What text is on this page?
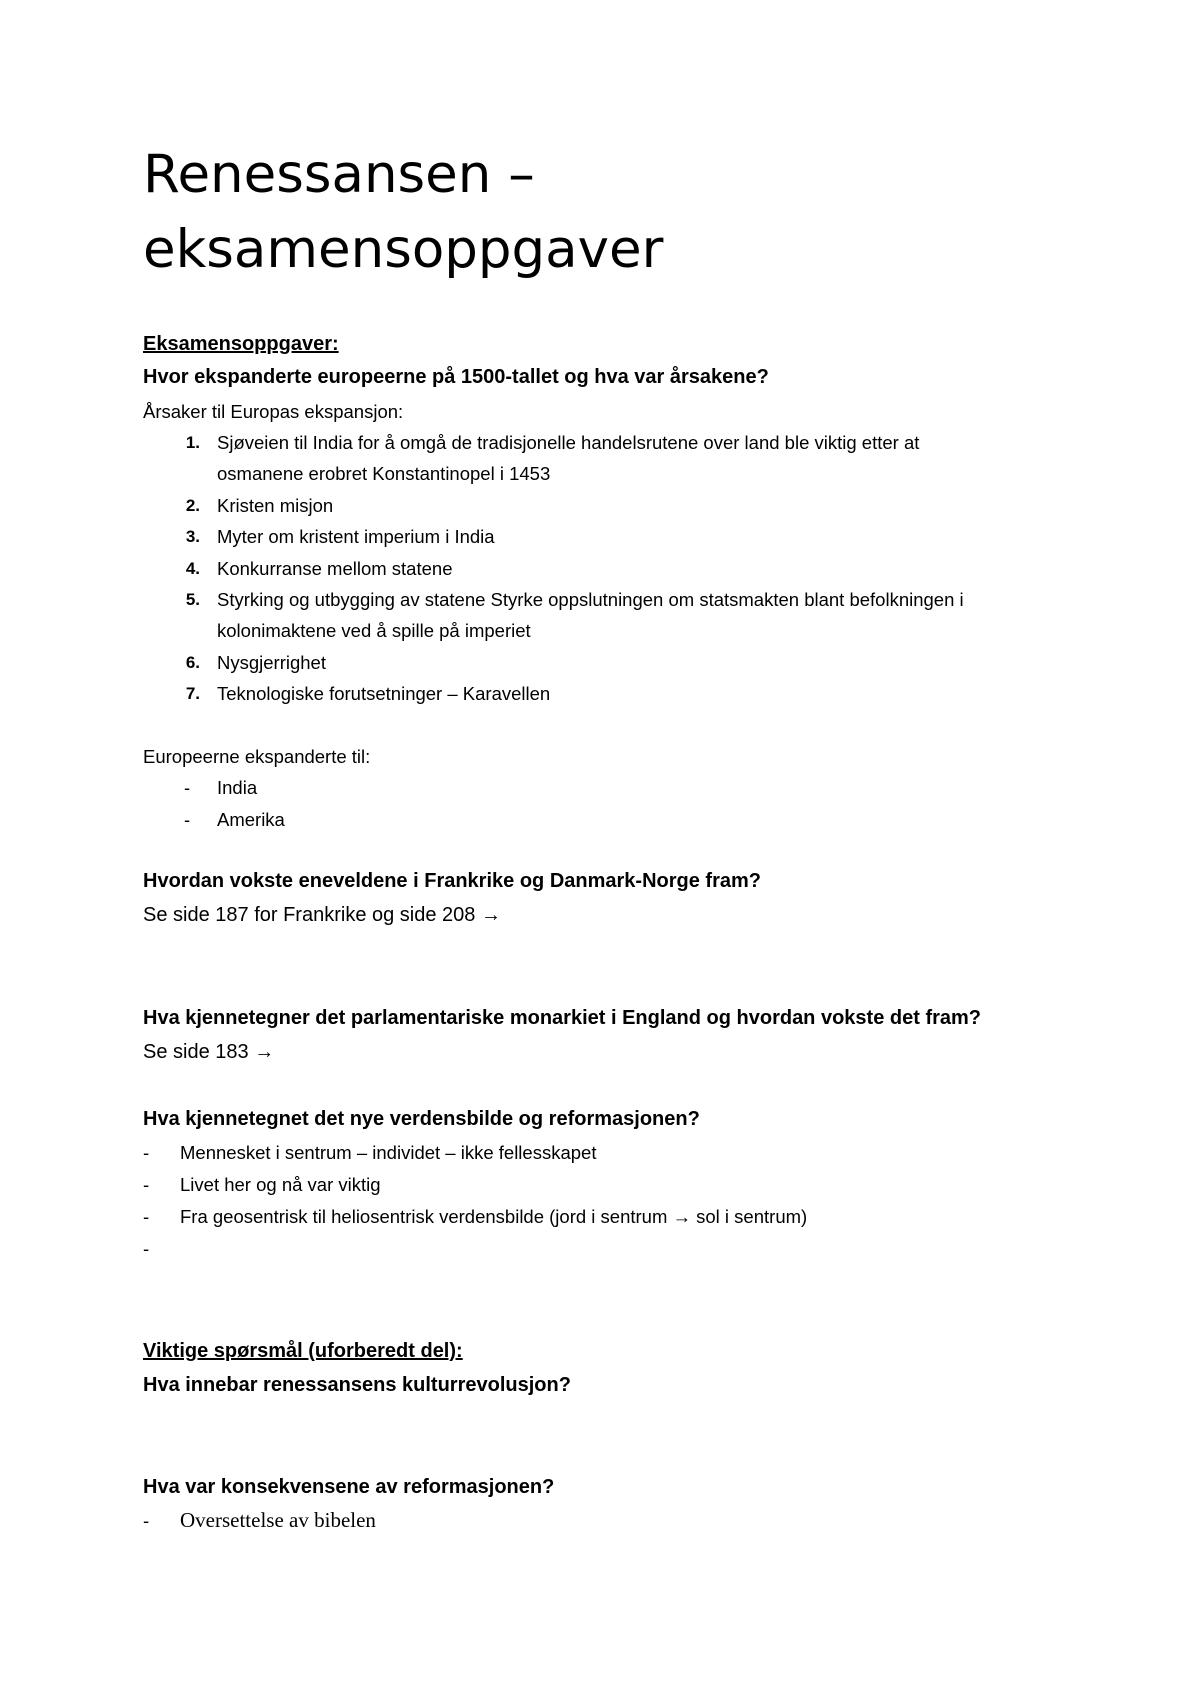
Renessansen –
eksamensoppgaver
Eksamensoppgaver:
Hvor ekspanderte europeerne på 1500-tallet og hva var årsakene?
Årsaker til Europas ekspansjon:
1. Sjøveien til India for å omgå de tradisjonelle handelsrutene over land ble viktig etter at
osmanene erobret Konstantinopel i 1453
2. Kristen misjon
3. Myter om kristent imperium i India
4. Konkurranse mellom statene
5. Styrking og utbygging av statene Styrke oppslutningen om statsmakten blant befolkningen i
kolonimaktene ved å spille på imperiet
6. Nysgjerrighet
7. Teknologiske forutsetninger – Karavellen
Europeerne ekspanderte til:
- India
- Amerika
Hvordan vokste eneveldene i Frankrike og Danmark-Norge fram?
Se side 187 for Frankrike og side 208 →
Hva kjennetegner det parlamentariske monarkiet i England og hvordan vokste det fram?
Se side 183 →
Hva kjennetegnet det nye verdensbilde og reformasjonen?
- Mennesket i sentrum – individet – ikke fellesskapet
- Livet her og nå var viktig
- Fra geosentrisk til heliosentrisk verdensbilde (jord i sentrum → sol i sentrum)
-
Viktige spørsmål (uforberedt del):
Hva innebar renessansens kulturrevolusjon?
Hva var konsekvensene av reformasjonen?
- Oversettelse av bibelen
